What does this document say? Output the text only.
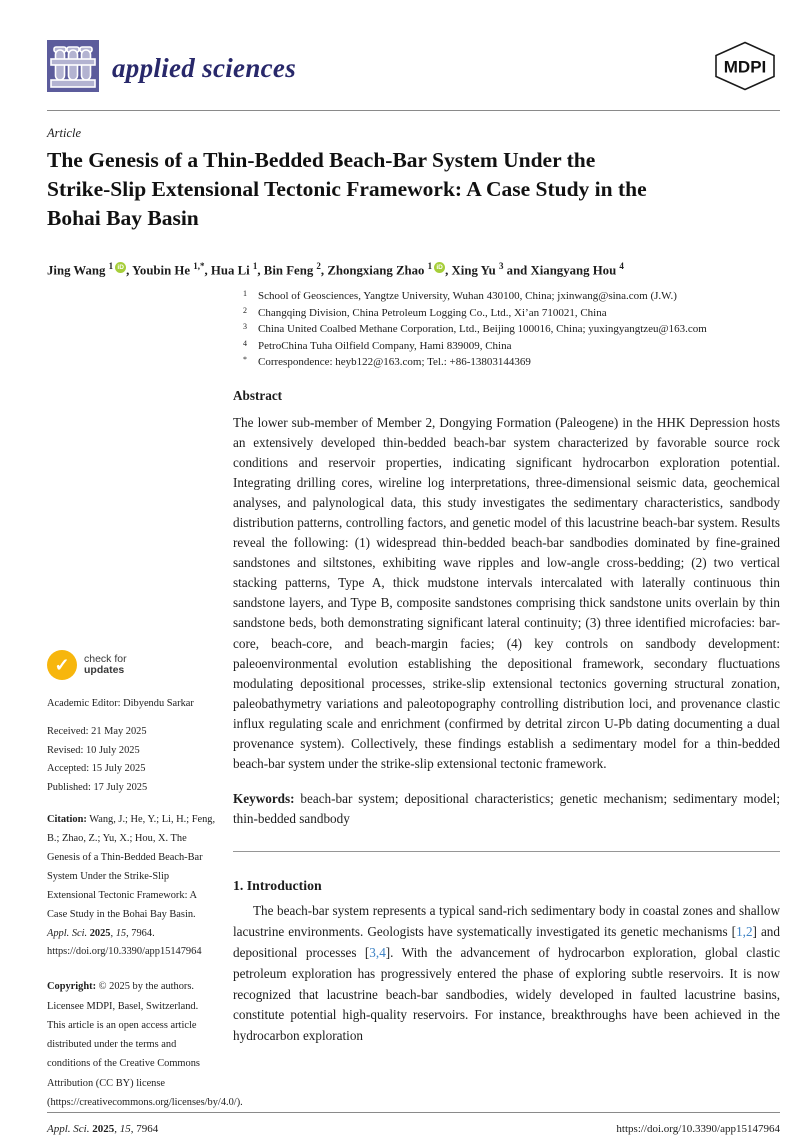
applied sciences	MDPI
Article
The Genesis of a Thin-Bedded Beach-Bar System Under the
Strike-Slip Extensional Tectonic Framework: A Case Study in the
Bohai Bay Basin
Jing Wang $^1$ iD , Youbin He $^{1,*}$, Hua Li $^1$, Bin Feng $^2$, Zhongxiang Zhao $^1$ iD , Xing Yu $^3$ and Xiangyang Hou $^4$
✓	check for
updates
Academic Editor: Dibyendu Sarkar
Received: 21 May 2025
Revised: 10 July 2025
Accepted: 15 July 2025
Published: 17 July 2025
Citation: Wang, J.; He, Y.; Li, H.; Feng, B.; Zhao, Z.; Yu, X.; Hou, X. The Genesis of a Thin-Bedded Beach-Bar System Under the Strike-Slip Extensional Tectonic Framework: A Case Study in the Bohai Bay Basin. Appl. Sci. 2025, 15, 7964. https://doi.org/10.3390/app15147964
Copyright: © 2025 by the authors. Licensee MDPI, Basel, Switzerland. This article is an open access article distributed under the terms and conditions of the Creative Commons Attribution (CC BY) license (https://creativecommons.org/licenses/by/4.0/).
1	School of Geosciences, Yangtze University, Wuhan 430100, China; jxinwang@sina.com (J.W.)
2	Changqing Division, China Petroleum Logging Co., Ltd., Xi’an 710021, China
3	China United Coalbed Methane Corporation, Ltd., Beijing 100016, China; yuxingyangtzeu@163.com
4	PetroChina Tuha Oilfield Company, Hami 839009, China
*	Correspondence: heyb122@163.com; Tel.: +86-13803144369
Abstract
The lower sub-member of Member 2, Dongying Formation (Paleogene) in the HHK Depression hosts an extensively developed thin-bedded beach-bar system characterized by favorable source rock conditions and reservoir properties, indicating significant hydrocarbon exploration potential. Integrating drilling cores, wireline log interpretations, three-dimensional seismic data, geochemical analyses, and palynological data, this study investigates the sedimentary characteristics, sandbody distribution patterns, controlling factors, and genetic model of this lacustrine beach-bar system. Results reveal the following: (1) widespread thin-bedded beach-bar sandbodies dominated by fine-grained sandstones and siltstones, exhibiting wave ripples and low-angle cross-bedding; (2) two vertical stacking patterns, Type A, thick mudstone intervals intercalated with laterally continuous thin sandstone layers, and Type B, composite sandstones comprising thick sandstone units overlain by thin sandstone beds, both demonstrating significant lateral continuity; (3) three identified microfacies: bar-core, beach-core, and beach-margin facies; (4) key controls on sandbody development: paleoenvironmental evolution establishing the depositional framework, secondary fluctuations modulating depositional processes, strike-slip extensional tectonics governing structural zonation, paleobathymetry variations and paleotopography controlling distribution loci, and provenance clastic influx regulating scale and enrichment (confirmed by detrital zircon U-Pb dating documenting a dual provenance system). Collectively, these findings establish a sedimentary model for a thin-bedded beach-bar system under the strike-slip extensional tectonic framework.
Keywords: beach-bar system; depositional characteristics; genetic mechanism; sedimentary model; thin-bedded sandbody
1. Introduction

The beach-bar system represents a typical sand-rich sedimentary body in coastal zones and shallow lacustrine environments. Geologists have systematically investigated its genetic mechanisms [1,2] and depositional processes [3,4]. With the advancement of hydrocarbon exploration, global clastic petroleum exploration has progressively entered the phase of exploring subtle reservoirs. It is now recognized that lacustrine beach-bar sandbodies, widely developed in faulted lacustrine basins, constitute potential high-quality reservoirs. For instance, breakthroughs have been achieved in the hydrocarbon exploration

Appl. Sci. 2025, 15, 7964	https://doi.org/10.3390/app15147964
